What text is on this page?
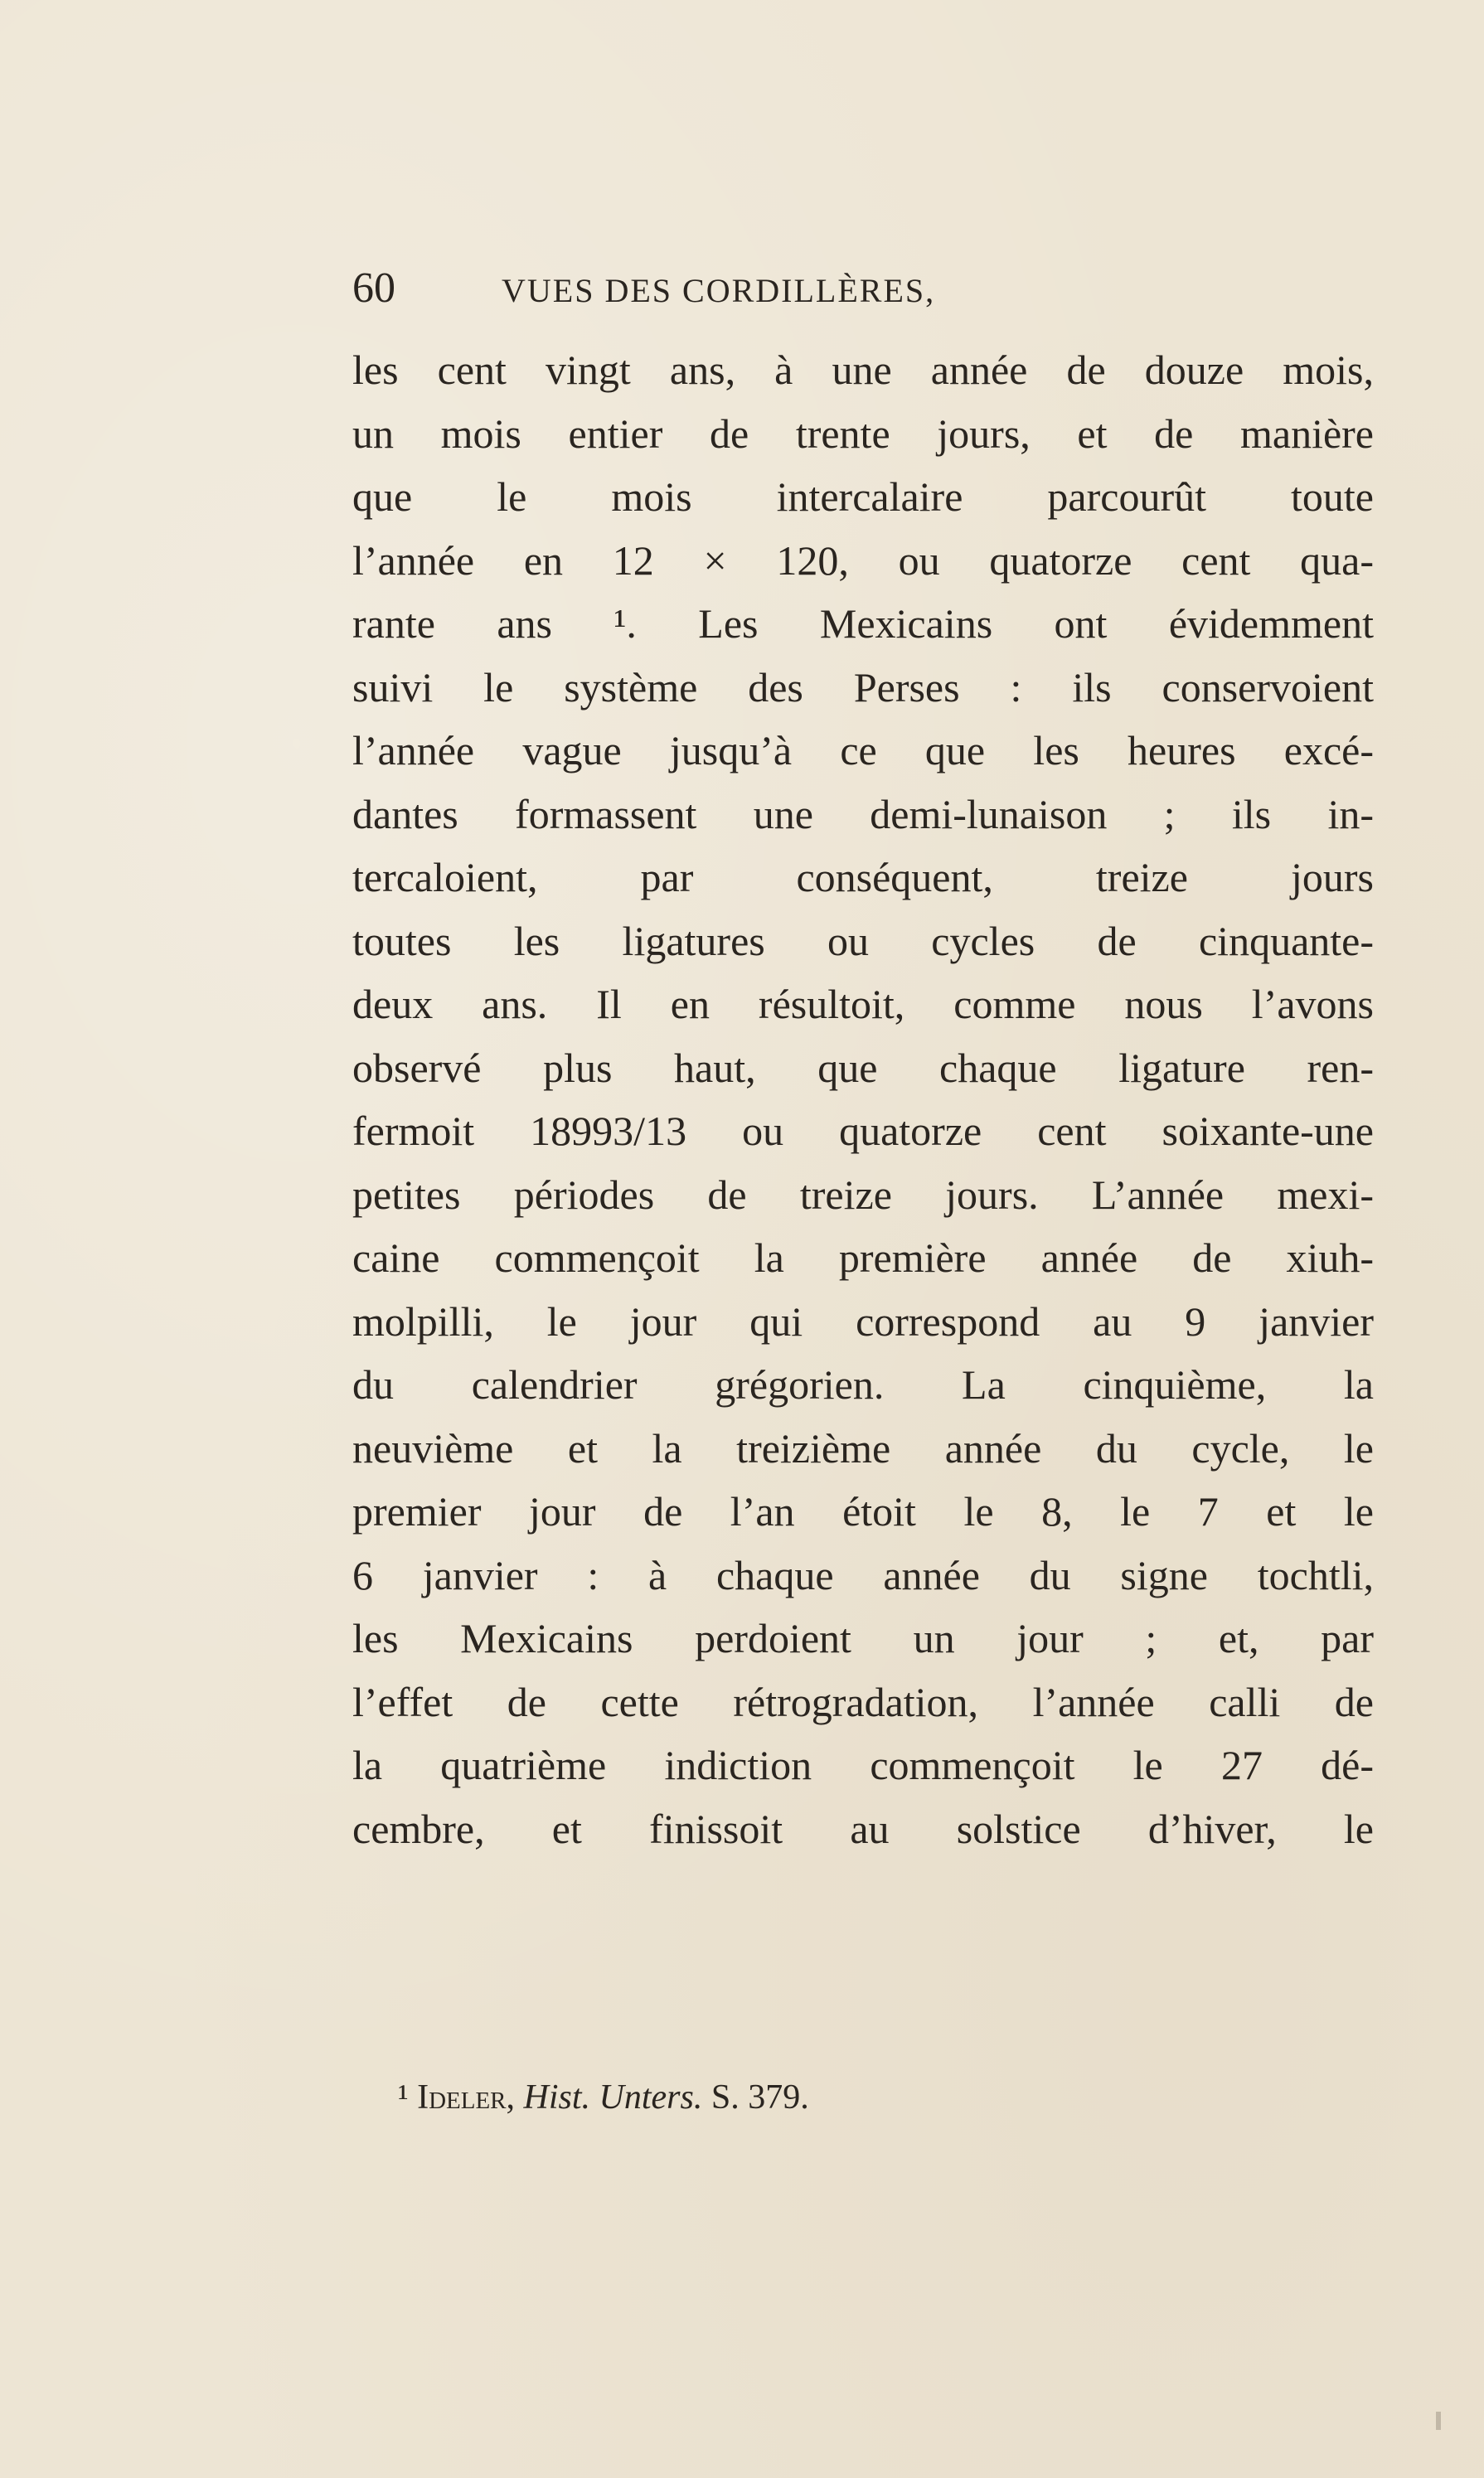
60	VUES DES CORDILLÈRES,
les cent vingt ans, à une année de douze mois,
un mois entier de trente jours, et de manière
que le mois intercalaire parcourût toute
l’année en 12 × 120, ou quatorze cent qua-
rante ans ¹. Les Mexicains ont évidemment
suivi le système des Perses : ils conservoient
l’année vague jusqu’à ce que les heures excé-
dantes formassent une demi-lunaison ; ils in-
tercaloient, par conséquent, treize jours
toutes les ligatures ou cycles de cinquante-
deux ans. Il en résultoit, comme nous l’avons
observé plus haut, que chaque ligature ren-
fermoit 18993/13 ou quatorze cent soixante-une
petites périodes de treize jours. L’année mexi-
caine commençoit la première année de xiuh-
molpilli, le jour qui correspond au 9 janvier
du calendrier grégorien. La cinquième, la
neuvième et la treizième année du cycle, le
premier jour de l’an étoit le 8, le 7 et le
6 janvier : à chaque année du signe tochtli,
les Mexicains perdoient un jour ; et, par
l’effet de cette rétrogradation, l’année calli de
la quatrième indiction commençoit le 27 dé-
cembre, et finissoit au solstice d’hiver, le
¹ Ideler, Hist. Unters. S. 379.
